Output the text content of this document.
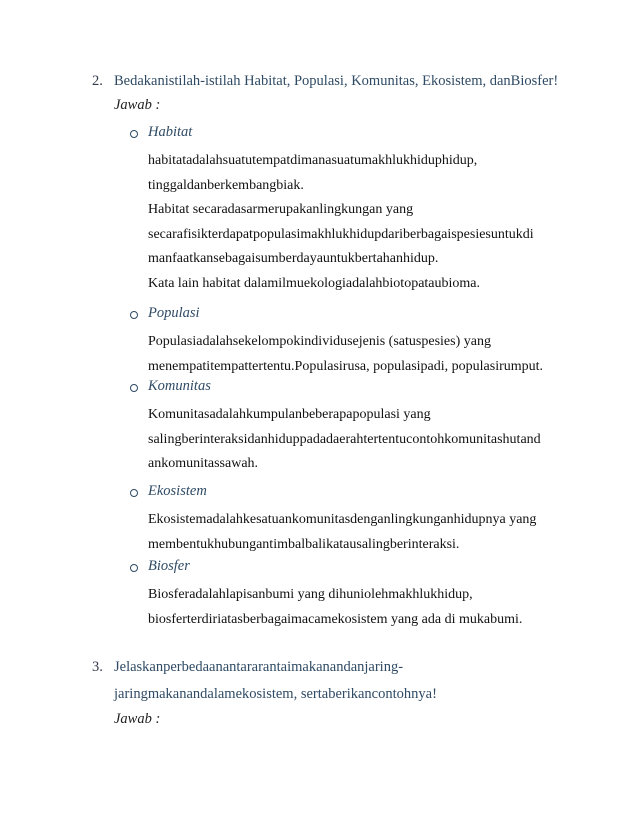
2. Bedakanistilah-istilah Habitat, Populasi, Komunitas, Ekosistem, danBiosfer!
Jawab :
Habitat
habitatadalahsuatutempatdimanasuatumakhlukhiduphidup,
tinggaldanberkembangbiak.
Habitat secaradasarmerupakanlingkungan yang
secarafisikterdapatpopulasimakhlukhidupdariberbagaispesiesuntukdi
manfaatkansebagaisumberdayauntukbertahanhidup.
Kata lain habitat dalamilmuekologiadalahbiotopataubioma.
Populasi
Populasiadalahsekelompokindividusejenis (satuspesies) yang
menempatitempattertentu.Populasirusa, populasipadi, populasirumput.
Komunitas
Komunitasadalahkumpulanbeberapapopulasi yang
salingberinteraksidanhiduppadadaerahtertentucontohkomunitashutand
ankomunitassawah.
Ekosistem
Ekosistemadalahkesatuankomunitasdenganlingkunganhidupnya yang
membentukhubungantimbalbalikatausalingberinteraksi.
Biosfer
Biosferadalahlapisanbumi yang dihuniolehmakhlukhidup,
biosferterdiriatasberbagaimacamekosistem yang ada di mukabumi.
3. Jelaskanperbedaanantararantaimakanandanjaring-
jaringmakanandalamekosistem, sertaberikancontohnya!
Jawab :
